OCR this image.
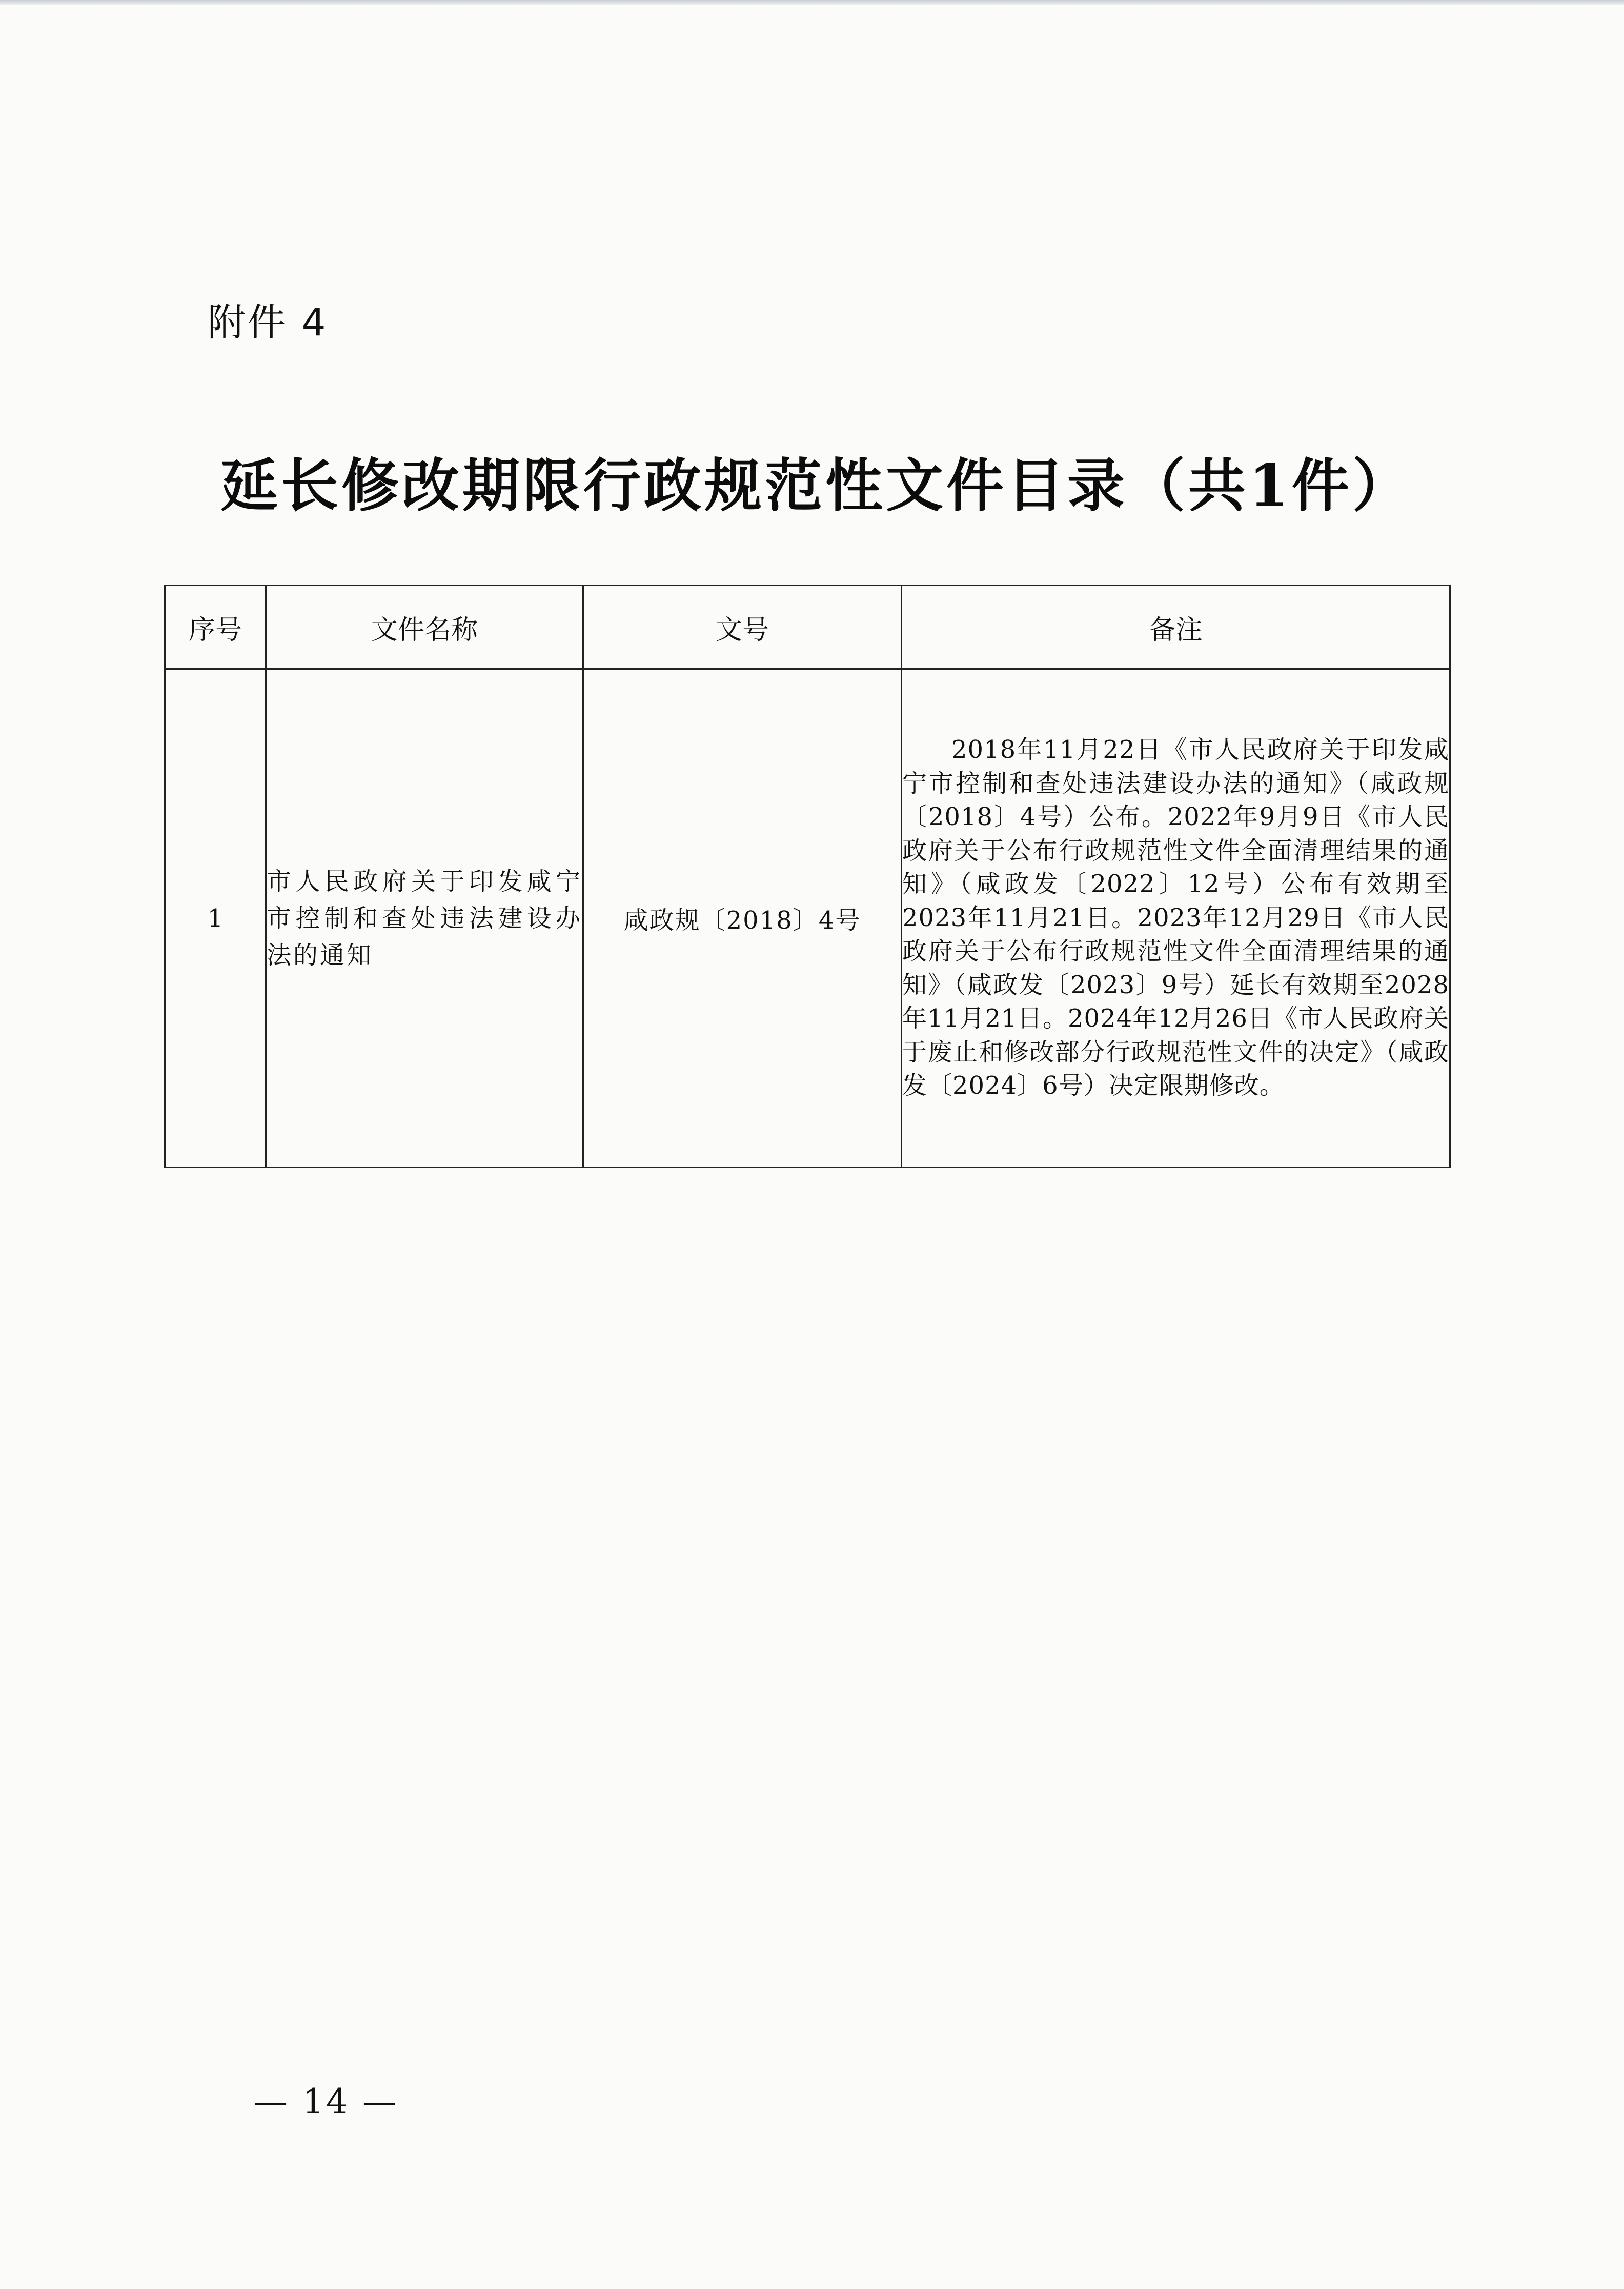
附件 4
延长修改期限行政规范性文件目录（共1件）
序号	文件名称	文号	备注
1	市人民政府关于印发咸宁市控制和查处违法建设办法的通知	咸政规〔2018〕4号	2018年11月22日《市人民政府关于印发咸宁市控制和查处违法建设办法的通知》（咸政规〔2018〕4号）公布。2022年9月9日《市人民政府关于公布行政规范性文件全面清理结果的通知》（咸政发〔2022〕12号）公布有效期至2023年11月21日。2023年12月29日《市人民政府关于公布行政规范性文件全面清理结果的通知》（咸政发〔2023〕9号）延长有效期至2028年11月21日。2024年12月26日《市人民政府关于废止和修改部分行政规范性文件的决定》（咸政发〔2024〕6号）决定限期修改。
— 14 —
